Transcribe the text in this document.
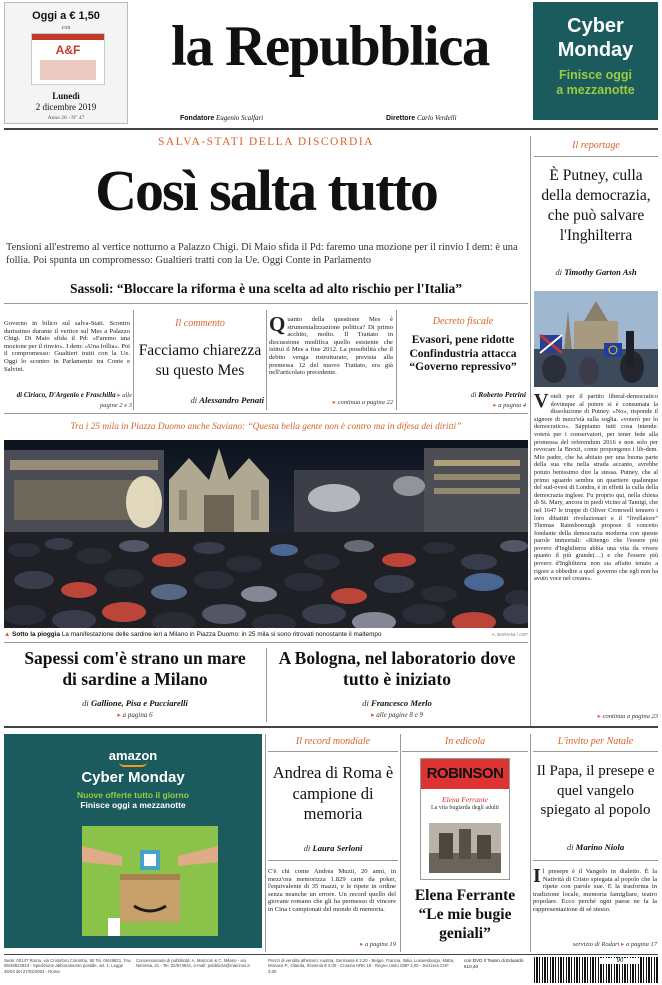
Oggi a € 1,50
con
A&F
Lunedì
2 dicembre 2019
Anno 26 - N° 47
la Repubblica
Fondatore Eugenio Scalfari	Direttore Carlo Verdelli
Cyber
Monday
Finisce oggi
a mezzanotte
SALVA-STATI DELLA DISCORDIA
Così salta tutto
Tensioni all'estremo al vertice notturno a Palazzo Chigi. Di Maio sfida il Pd: faremo una mozione per il rinvio I dem: è una follia. Poi spunta un compromesso: Gualtieri tratti con la Ue. Oggi Conte in Parlamento
Sassoli: “Bloccare la riforma è una scelta ad alto rischio per l'Italia”
Governo in bilico sul salva-Stati. Scontro durissimo durante il vertice sul Mes a Palazzo Chigi. Di Maio sfida il Pd: «Faremo una mozione per il rinvio». I dem: «Una follia». Poi il compromesso: Gualtieri tratti con la Ue. Oggi lo scontro in Parlamento tra Conte e Salvini.
di Ciriaco, D'Argenio e Fraschilla ▸ alle pagine 2 e 3
Il commento
Facciamo chiarezza su questo Mes
di Alessandro Penati
Q uanto della questione Mes è strumentalizzazione politica? Di primo acchito, molto. Il Trattato in discussione modifica quello esistente che istituì il Mes a fine 2012. La possibilità che il debito venga ristrutturato, prevista alla premessa 12 del nuovo Trattato, era già nell'articolato precedente.
▸ continua a pagina 22
Decreto fiscale
Evasori, pene ridotte Confindustria attacca “Governo repressivo”
di Roberto Petrini
▸ a pagina 4
Tra i 25 mila in Piazza Duomo anche Saviano: “Questa bella gente non è contro ma in difesa dei diritti”
▲ Sotto la pioggia La manifestazione delle sardine ieri a Milano in Piazza Duomo: in 25 mila si sono ritrovati nonostante il maltempo	A. BARIANI / AGF
Sapessi com'è strano un mare di sardine a Milano
di Gallione, Pisa e Pucciarelli
▸ a pagina 6
A Bologna, nel laboratorio dove tutto è iniziato
di Francesco Merlo
▸ alle pagine 8 e 9
Il reportage
È Putney, culla della democrazia, che può salvare l'Inghilterra
di Timothy Garton Ash
V oteli per il partito liberal-democratico dovunque al potere si è consumata la dissoluzione di Putney. «No», risponde il signore di mezz'età sulla soglia. «voterò per lo democratico». Sappiamo tutti cosa intende: voterà per i conservatori, per tener fede alla promessa del referendum 2016 e non solo per revocare la Brexit, come propongono i lib-dem. Mio padre, che ha abitato per una buona parte della sua vita nella strada accanto, avrebbe potuto benissimo dire la stessa. Putney, che al primo sguardo sembra un quartiere qualunque del sud-ovest di Londra, è in effetti la culla della democrazia inglese. Fu proprio qui, nella chiesa di St. Mary, ancora in piedi vicino al Tamigi, che nel 1647 le truppe di Oliver Cromwell tennero i loro dibattiti rivoluzionari e il “livellatore” Thomas Rainsborough propose il concetto fondante della democrazia moderna con queste parole immortali: «Ritengo che l'essere più povero d'Inghilterra abbia una vita da vivere quanto il più grande(…) e che l'essere più povero d'Inghilterra non sia affatto tenuto a rigore a obbedire a quel governo che egli non ha avuto voce nel creare».
▸ continua a pagina 23
amazon
Cyber Monday
Nuove offerte tutto il giorno
Finisce oggi a mezzanotte
Il record mondiale
Andrea di Roma è campione di memoria
di Laura Serloni
C'è chi come Andrea Muzii, 20 anni, in mezz'ora memorizza 1.829 carte da poker, l'equivalente di 35 mazzi, e le ripete in ordine senza neanche un errore. Un record quello del giovane romano che gli ha permesso di vincere in Cina i campionati del mondo di memoria.
▸ a pagina 19
In edicola
ROBINSON
Elena Ferrante
La vita bugiarda degli adulti
Elena Ferrante “Le mie bugie geniali”
L'invito per Natale
Il Papa, il presepe e quel vangelo spiegato al popolo
di Marino Niola
I l presepe è il Vangelo in dialetto. È la Natività di Cristo spiegata al popolo che la ripete con parole sue. E la trasforma in tradizione locale, memoria famigliare, teatro popolare. Ecco perché ogni paese ne fa la rappresentazione di sé stesso.
servizio di Rodari ▸ a pagina 17
Sede: 00147 Roma, via Cristoforo Colombo, 90 Tel. 06/49821, Fax 06/49822923 - Spedizione abbonamento postale, art. 1, Legge 46/04 del 27/02/2004 - Roma
Concessionaria di pubblicità: A. Manzoni & C. Milano - via Nervesa, 21 - Tel. 02/574941, e-mail: pubblicita@manzoni.it
Prezzi di vendita all'estero: Austria, Germania € 2,20 - Belgio, Francia, Italia, Lussemburgo, Malta, Monaco P., Olanda, Slovenia € 2,00 - Croazia HRK 19 - Regno Unito GBP 2,00 - Svizzera CHF 3,00
con DVD Il Teatro di Eduardo €10,40
90
